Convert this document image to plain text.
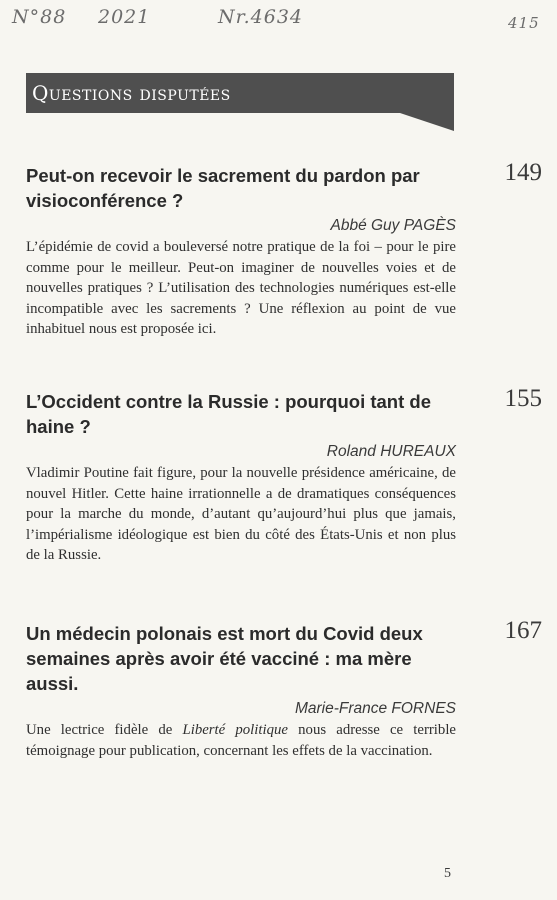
N°88 2021	Nr.4634	415
Questions disputées
Peut-on recevoir le sacrement du pardon par visioconférence ?
149
Abbé Guy PAGÈS

L’épidémie de covid a bouleversé notre pratique de la foi – pour le pire comme pour le meilleur. Peut-on imaginer de nouvelles voies et de nouvelles pratiques ? L’utilisation des technologies numériques est-elle incompatible avec les sacrements ? Une réflexion au point de vue inhabituel nous est proposée ici.

L’Occident contre la Russie : pourquoi tant de haine ?
155
Roland HUREAUX

Vladimir Poutine fait figure, pour la nouvelle présidence américaine, de nouvel Hitler. Cette haine irrationnelle a de dramatiques conséquences pour la marche du monde, d’autant qu’aujourd’hui plus que jamais, l’impérialisme idéologique est bien du côté des États-Unis et non plus de la Russie.

Un médecin polonais est mort du Covid deux semaines après avoir été vacciné : ma mère aussi.
167
Marie-France FORNES

Une lectrice fidèle de Liberté politique nous adresse ce terrible témoignage pour publication, concernant les effets de la vaccination.

5
